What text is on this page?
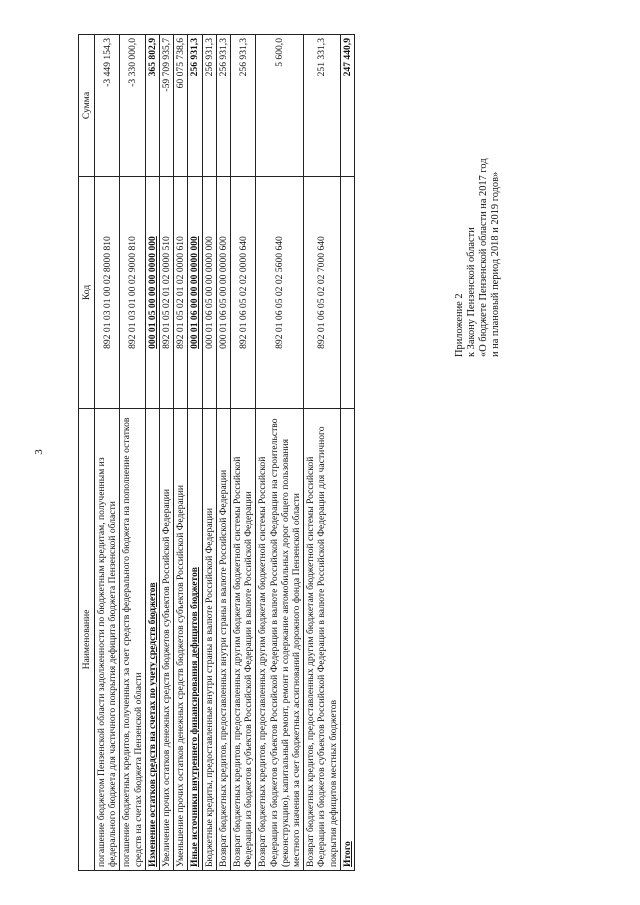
3
Наименование	Код	Сумма
погашение бюджетом Пензенской области задолженности по бюджетным кредитам, полученным из федерального бюджета для частичного покрытия дефицита бюджета Пензенской области	892 01 03 01 00 02 8000 810	-3 449 154,3
погашение бюджетных кредитов, полученных за счет средств федерального бюджета на пополнение остатков средств на счетах бюджета Пензенской области	892 01 03 01 00 02 9000 810	-3 330 000,0
Изменение остатков средств на счетах по учету средств бюджетов	000 01 05 00 00 00 0000 000	365 802,9
Увеличение прочих остатков денежных средств бюджетов субъектов Российской Федерации	892 01 05 02 01 02 0000 510	-59 709 935,7
Уменьшение прочих остатков денежных средств бюджетов субъектов Российской Федерации	892 01 05 02 01 02 0000 610	60 075 738,6
Иные источники внутреннего финансирования дефицитов бюджетов	000 01 06 00 00 00 0000 000	256 931,3
Бюджетные кредиты, предоставленные внутри страны в валюте Российской Федерации	000 01 06 05 00 00 0000 000	256 931,3
Возврат бюджетных кредитов, предоставленных внутри страны в валюте Российской Федерации	000 01 06 05 00 00 0000 600	256 931,3
Возврат бюджетных кредитов, предоставленных другим бюджетам бюджетной системы Российской Федерации из бюджетов субъектов Российской Федерации в валюте Российской Федерации	892 01 06 05 02 02 0000 640	256 931,3
Возврат бюджетных кредитов, предоставленных другим бюджетам бюджетной системы Российской Федерации из бюджетов субъектов Российской Федерации в валюте Российской Федерации на строительство (реконструкцию), капитальный ремонт, ремонт и содержание автомобильных дорог общего пользования местного значения за счет бюджетных ассигнований дорожного фонда Пензенской области	892 01 06 05 02 02 5600 640	5 600,0
Возврат бюджетных кредитов, предоставленных другим бюджетам бюджетной системы Российской Федерации из бюджетов субъектов Российской Федерации в валюте Российской Федерации для частичного покрытия дефицитов местных бюджетов	892 01 06 05 02 02 7000 640	251 331,3
Итого		247 440,9
Приложение 2 к Закону Пензенской области «О бюджете Пензенской области на 2017 год и на плановый период 2018 и 2019 годов»
